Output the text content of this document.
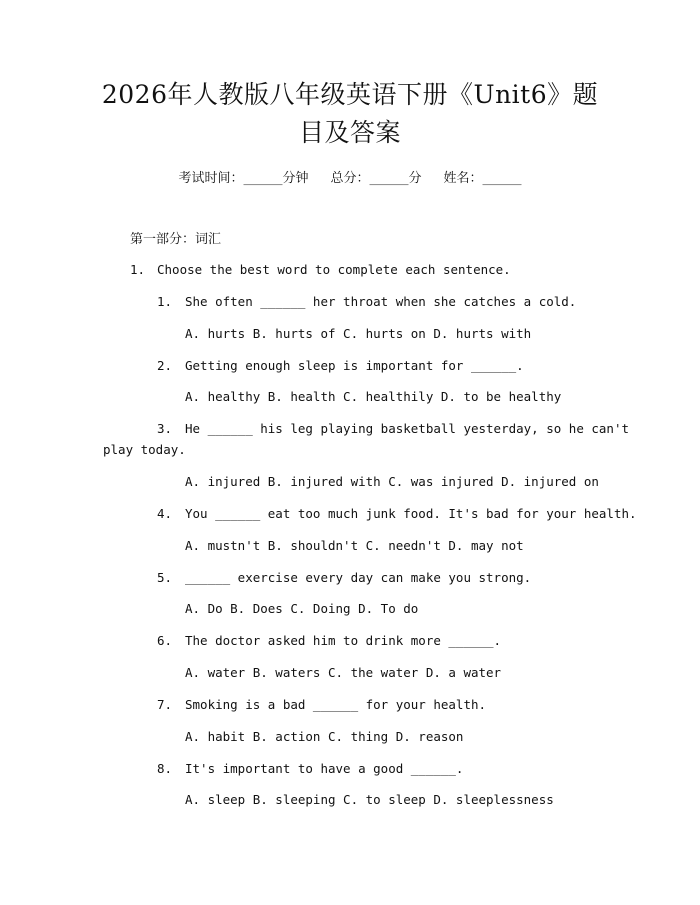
2026年人教版八年级英语下册《Unit6》题
目及答案
考试时间：______分钟 总分：______分 姓名：______
第一部分：词汇
1. Choose the best word to complete each sentence.
1. She often ______ her throat when she catches a cold.
A. hurts B. hurts of C. hurts on D. hurts with
2. Getting enough sleep is important for ______.
A. healthy B. health C. healthily D. to be healthy
3. He ______ his leg playing basketball yesterday, so he can't
play today.
A. injured B. injured with C. was injured D. injured on
4. You ______ eat too much junk food. It's bad for your health.
A. mustn't B. shouldn't C. needn't D. may not
5. ______ exercise every day can make you strong.
A. Do B. Does C. Doing D. To do
6. The doctor asked him to drink more ______.
A. water B. waters C. the water D. a water
7. Smoking is a bad ______ for your health.
A. habit B. action C. thing D. reason
8. It's important to have a good ______.
A. sleep B. sleeping C. to sleep D. sleeplessness
